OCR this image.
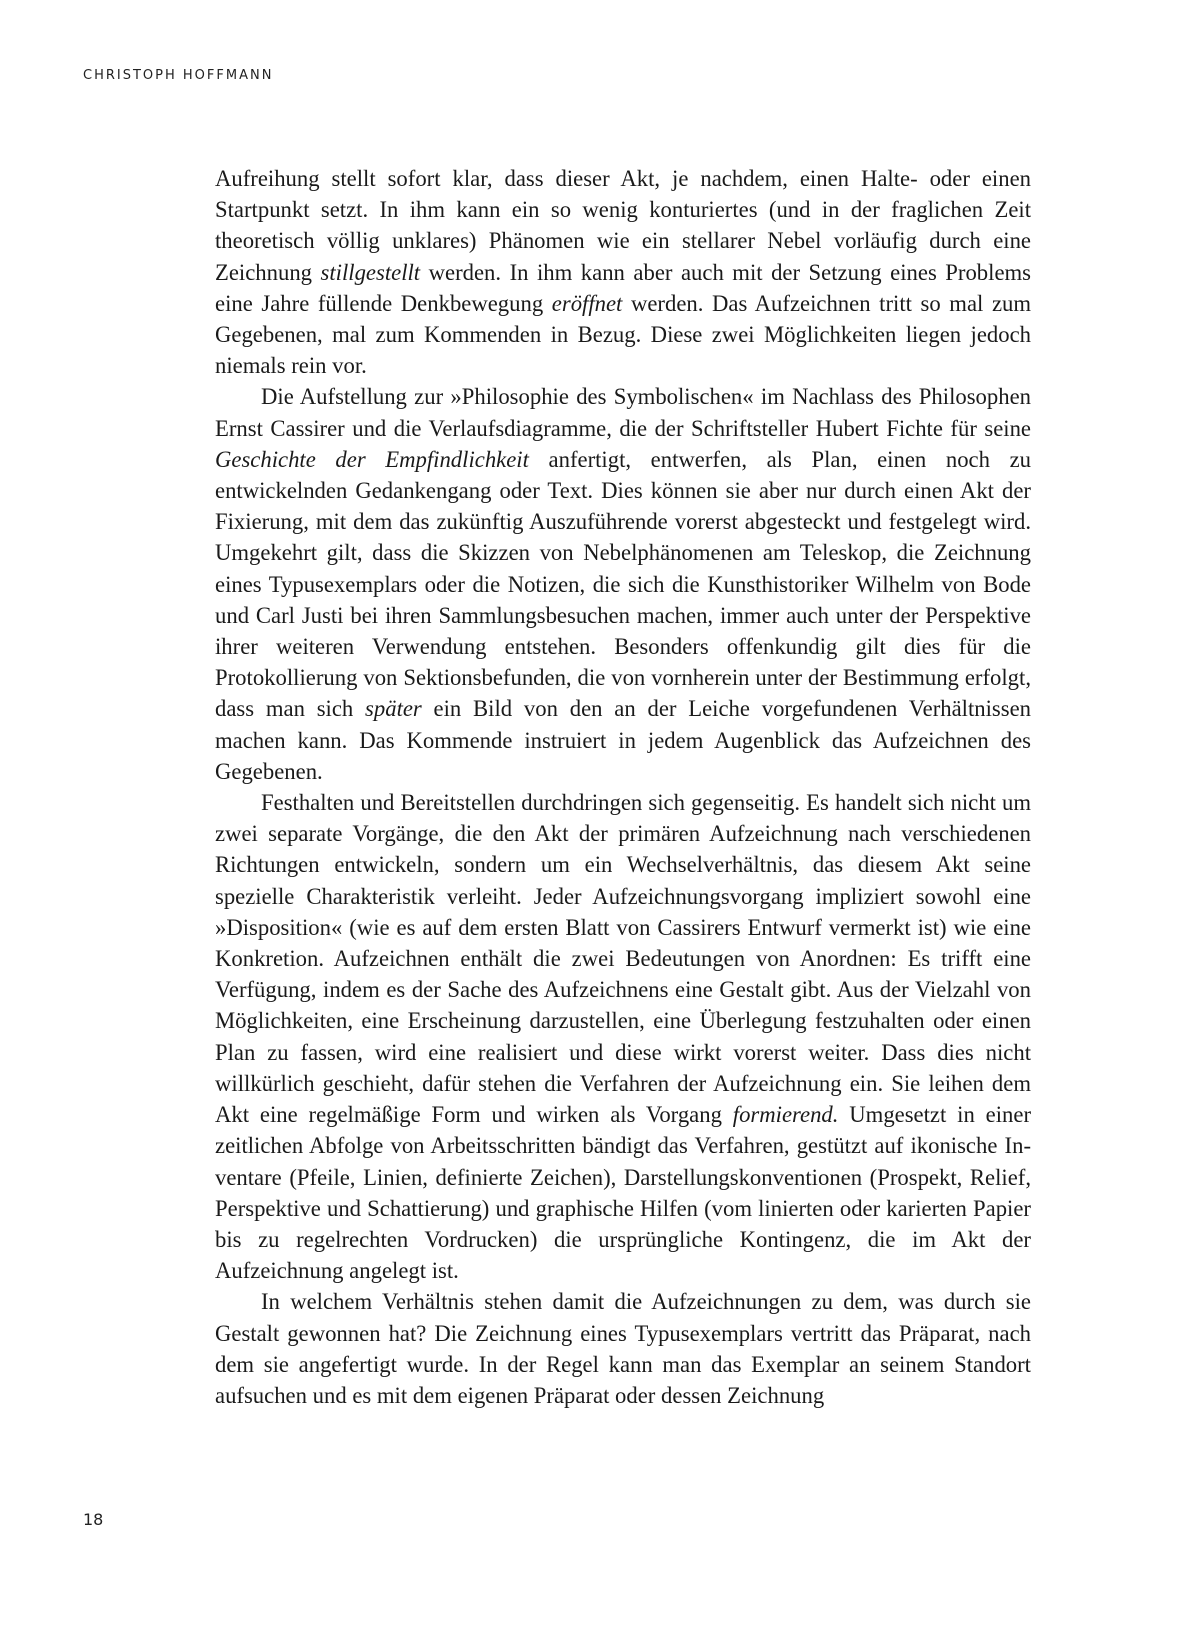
CHRISTOPH HOFFMANN

Aufreihung stellt sofort klar, dass dieser Akt, je nachdem, einen Halte- oder einen Startpunkt setzt. In ihm kann ein so wenig konturiertes (und in der fraglichen Zeit theoretisch völlig unklares) Phänomen wie ein stellarer Nebel vorläufig durch eine Zeichnung stillgestellt werden. In ihm kann aber auch mit der Setzung eines Problems eine Jahre füllende Denkbewegung eröffnet werden. Das Aufzeichnen tritt so mal zum Gegebenen, mal zum Kommenden in Bezug. Diese zwei Möglichkeiten liegen jedoch niemals rein vor.

Die Aufstellung zur »Philosophie des Symbolischen« im Nachlass des Philosophen Ernst Cassirer und die Verlaufsdiagramme, die der Schriftsteller Hubert Fichte für seine Geschichte der Empfindlichkeit anfertigt, entwerfen, als Plan, einen noch zu entwickelnden Gedankengang oder Text. Dies können sie aber nur durch einen Akt der Fixierung, mit dem das zukünftig Auszuführende vorerst abgesteckt und festgelegt wird. Umgekehrt gilt, dass die Skizzen von Nebelphänomenen am Teleskop, die Zeichnung eines Typusexemplars oder die Notizen, die sich die Kunsthistoriker Wilhelm von Bode und Carl Justi bei ihren Sammlungsbesuchen machen, immer auch unter der Perspektive ihrer weiteren Verwendung entstehen. Besonders offenkundig gilt dies für die Protokollierung von Sektionsbefunden, die von vornherein unter der Bestimmung erfolgt, dass man sich später ein Bild von den an der Leiche vorgefundenen Verhältnissen machen kann. Das Kommende instruiert in jedem Augenblick das Aufzeichnen des Gegebenen.

Festhalten und Bereitstellen durchdringen sich gegenseitig. Es handelt sich nicht um zwei separate Vorgänge, die den Akt der primären Aufzeichnung nach verschiedenen Richtungen entwickeln, sondern um ein Wechselverhältnis, das diesem Akt seine spezielle Charakteristik verleiht. Jeder Aufzeichnungsvorgang impliziert sowohl eine »Disposition« (wie es auf dem ersten Blatt von Cassirers Entwurf vermerkt ist) wie eine Konkretion. Aufzeichnen enthält die zwei Bedeutungen von Anordnen: Es trifft eine Verfügung, indem es der Sache des Aufzeichnens eine Gestalt gibt. Aus der Vielzahl von Möglichkeiten, eine Erscheinung darzustellen, eine Überlegung festzuhalten oder einen Plan zu fassen, wird eine realisiert und diese wirkt vorerst weiter. Dass dies nicht willkürlich geschieht, dafür stehen die Verfahren der Aufzeichnung ein. Sie leihen dem Akt eine regelmäßige Form und wirken als Vorgang formierend. Umgesetzt in einer zeitlichen Abfolge von Arbeitsschritten bändigt das Verfahren, gestützt auf ikonische Inventare (Pfeile, Linien, definierte Zeichen), Darstellungskonventionen (Prospekt, Relief, Perspektive und Schattierung) und graphische Hilfen (vom linierten oder karierten Papier bis zu regelrechten Vordrucken) die ursprüngliche Kontingenz, die im Akt der Aufzeichnung angelegt ist.

In welchem Verhältnis stehen damit die Aufzeichnungen zu dem, was durch sie Gestalt gewonnen hat? Die Zeichnung eines Typusexemplars vertritt das Präparat, nach dem sie angefertigt wurde. In der Regel kann man das Exemplar an seinem Standort aufsuchen und es mit dem eigenen Präparat oder dessen Zeichnung

18
